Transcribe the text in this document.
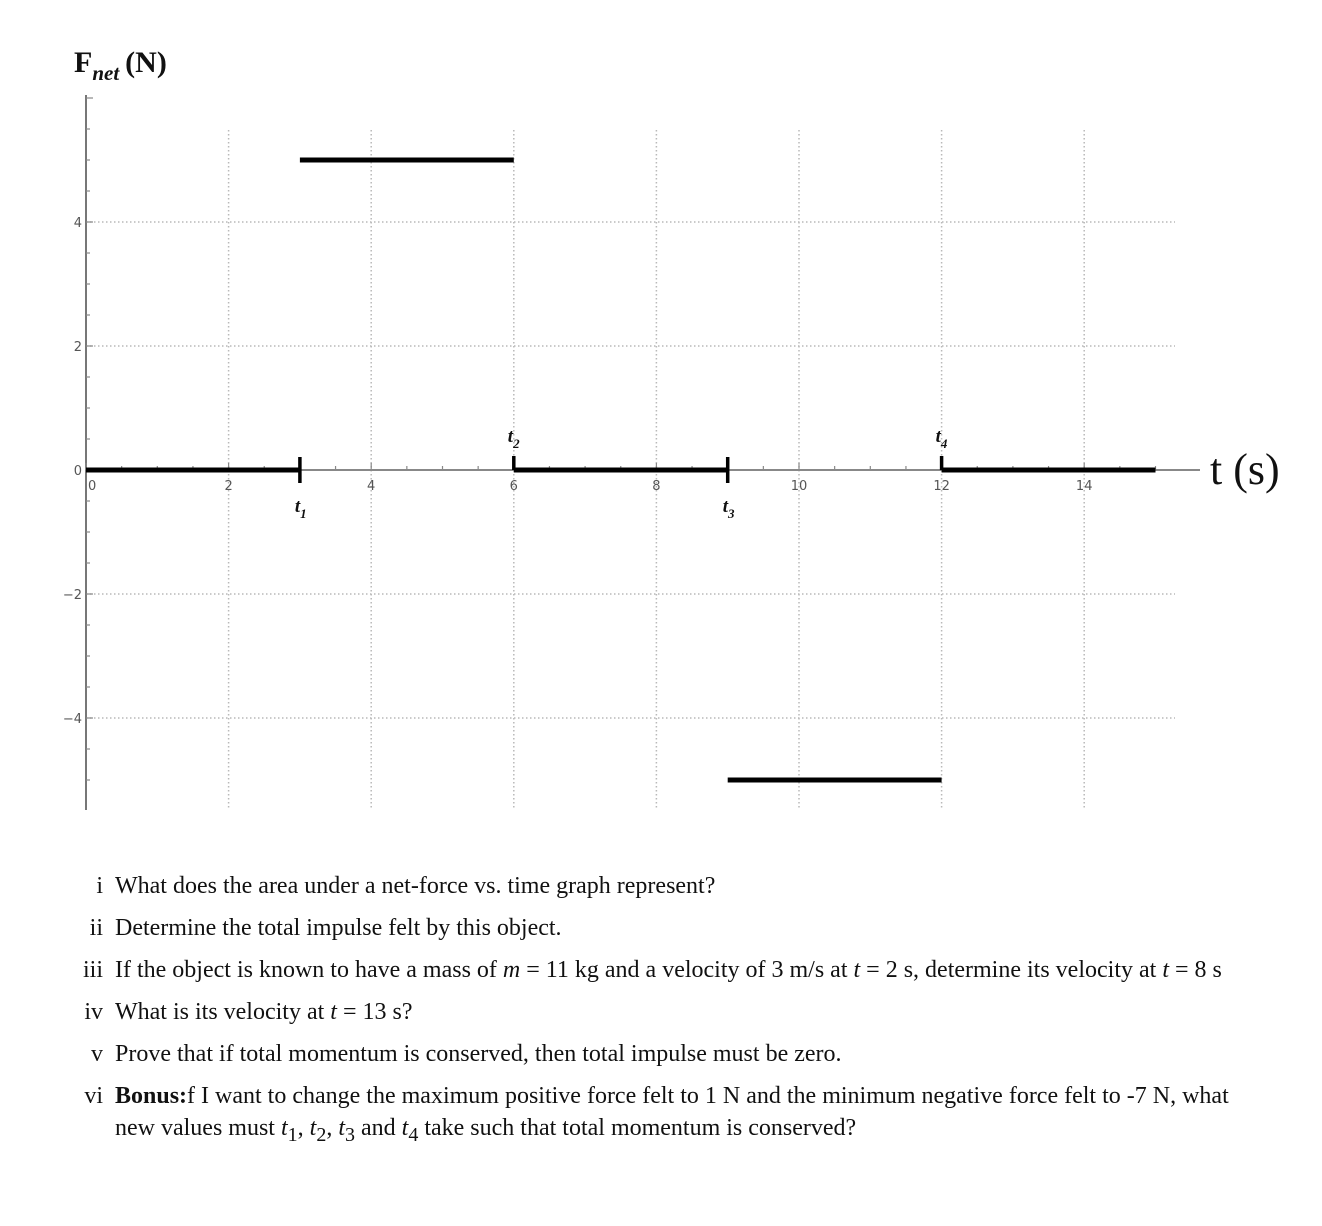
0	2	4	6	8	10	12	14
−4
−2
0
2
4
$t_1$
$t_2$
$t_3$
$t_4$
$F_{net}$ (N)
t (s)
i What does the area under a net-force vs. time graph represent?
ii Determine the total impulse felt by this object.
iii If the object is known to have a mass of m = 11 kg and a velocity of 3 m/s at t = 2 s, determine its velocity at t = 8 s
iv What is its velocity at t = 13 s?
v Prove that if total momentum is conserved, then total impulse must be zero.
vi Bonus:f I want to change the maximum positive force felt to 1 N and the minimum negative force felt to -7 N, what new values must $t_1$, $t_2$, $t_3$ and $t_4$ take such that total momentum is conserved?
